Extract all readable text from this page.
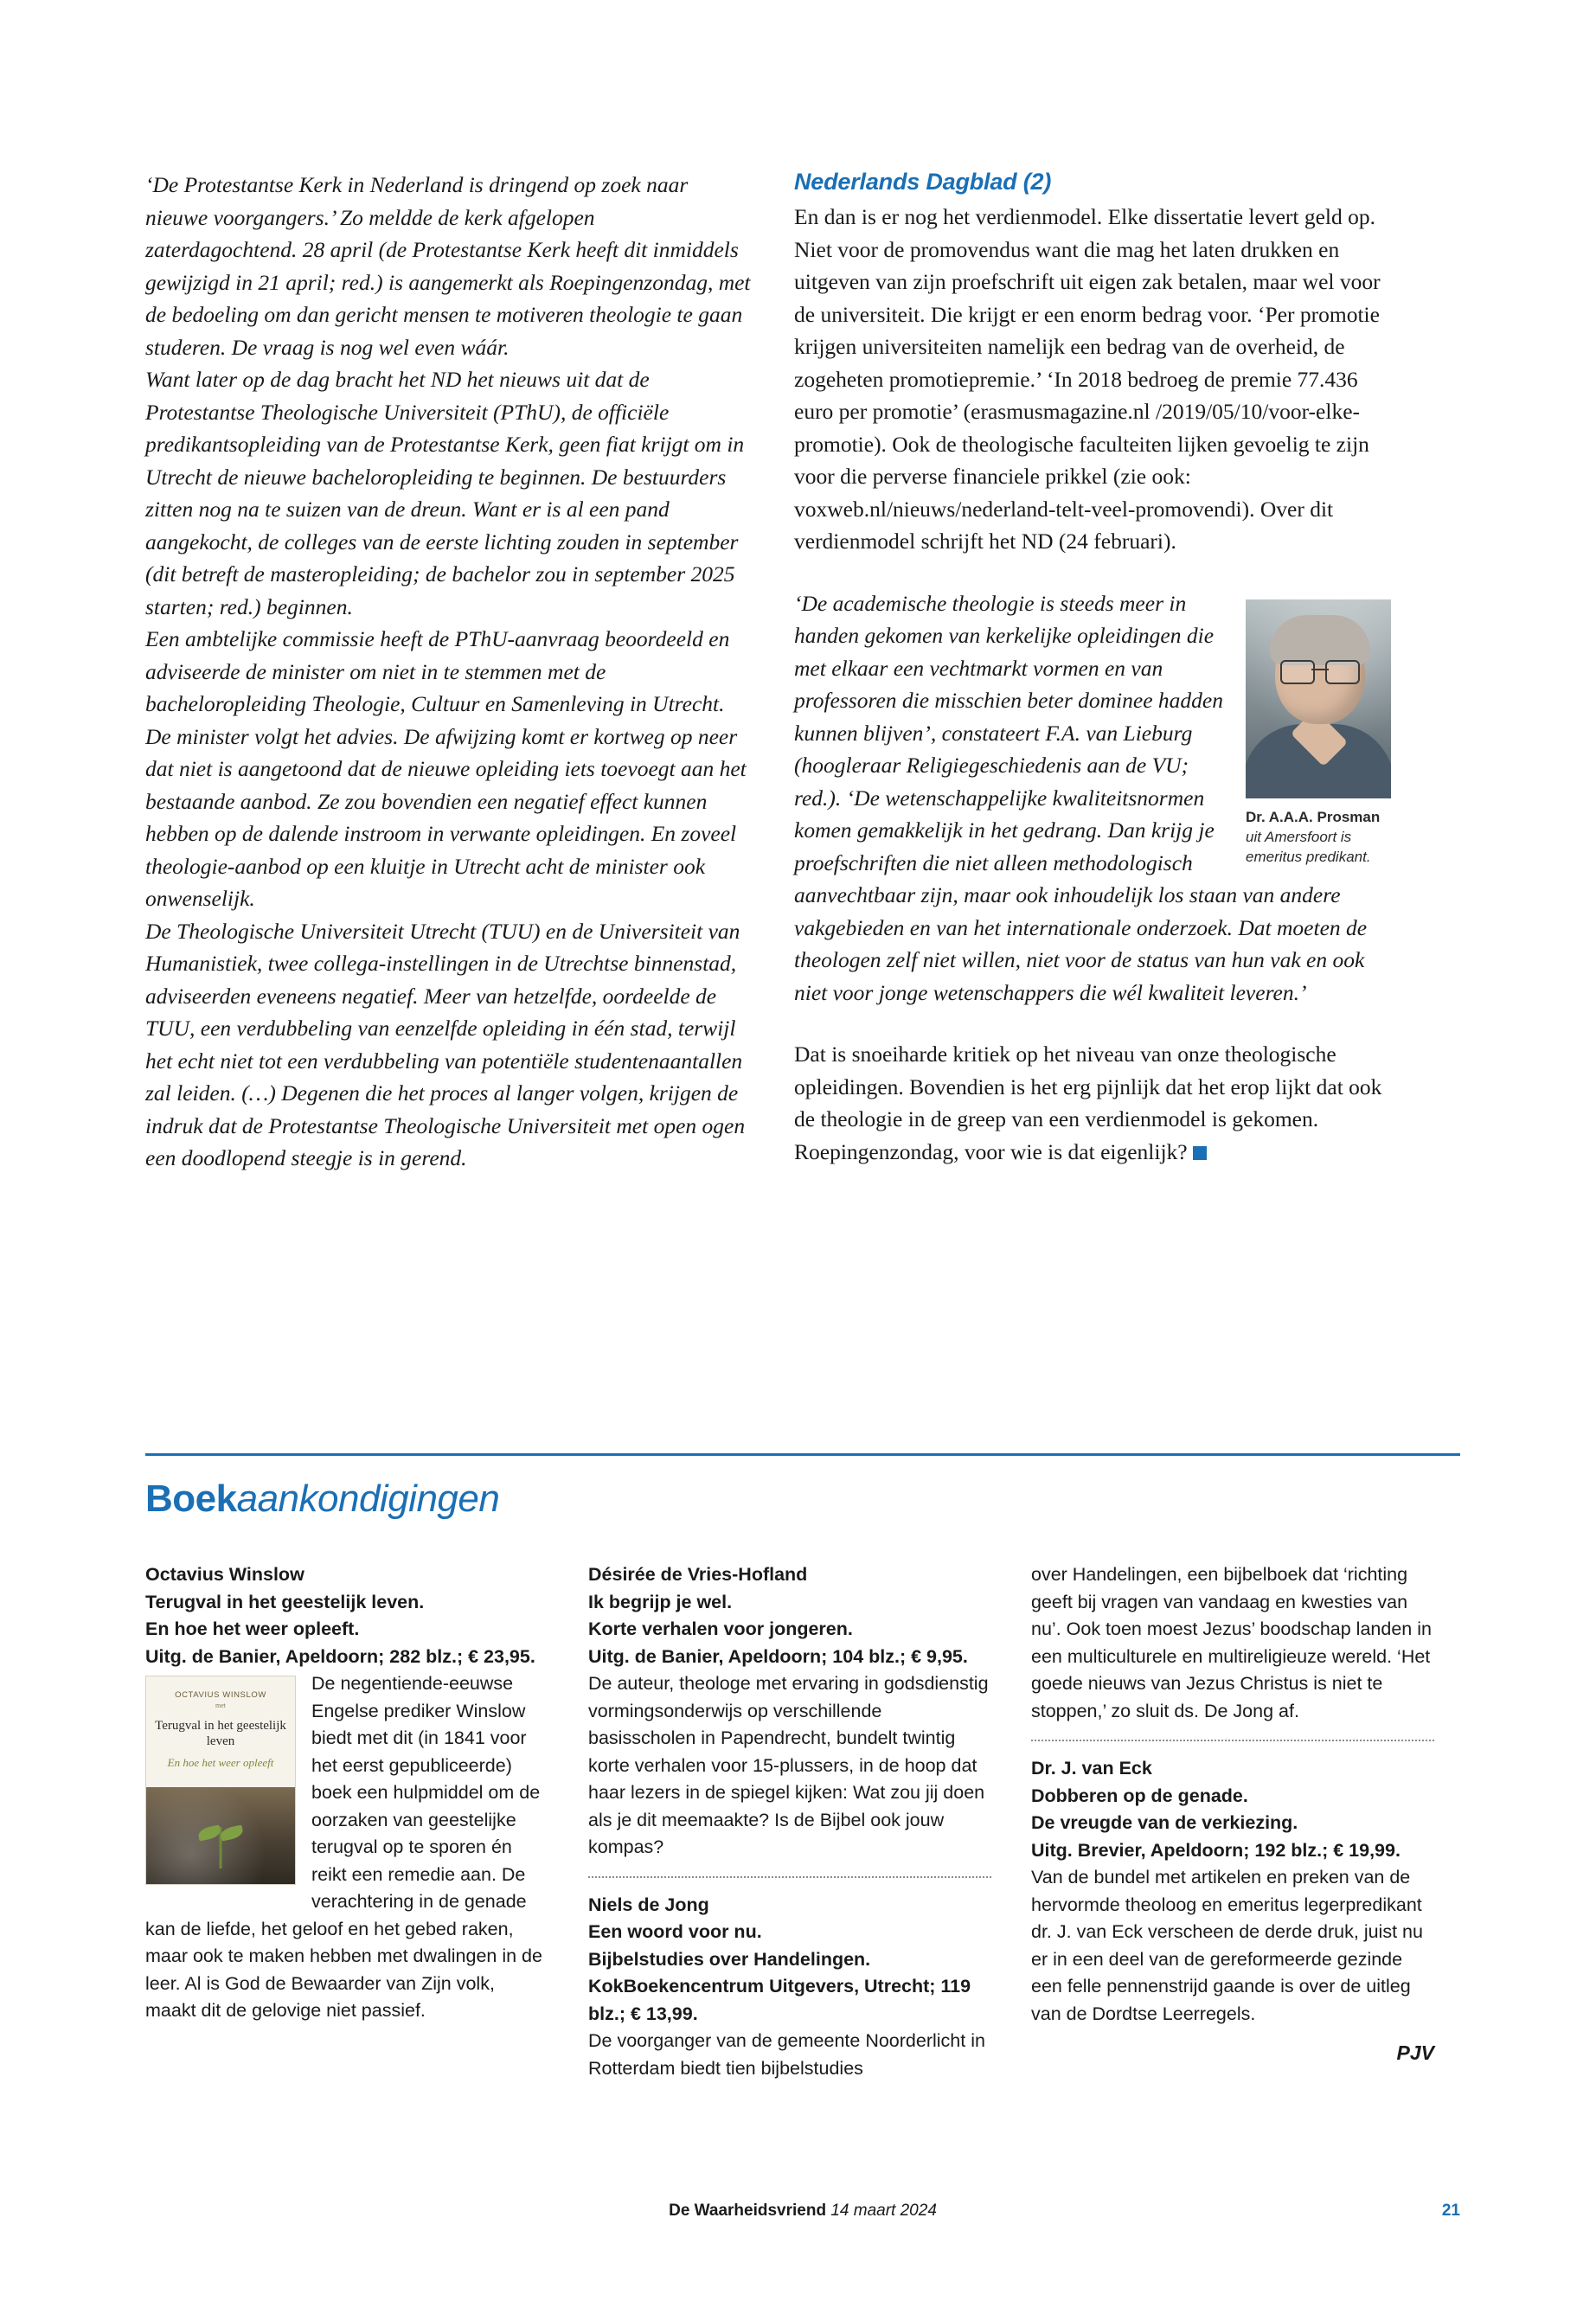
‘De Protestantse Kerk in Nederland is dringend op zoek naar nieuwe voorgangers.’ Zo meldde de kerk afgelopen zaterdagochtend. 28 april (de Protestantse Kerk heeft dit inmiddels gewijzigd in 21 april; red.) is aangemerkt als Roepingenzondag, met de bedoeling om dan gericht mensen te motiveren theologie te gaan studeren. De vraag is nog wel even wáár.

Want later op de dag bracht het ND het nieuws uit dat de Protestantse Theologische Universiteit (PThU), de officiële predikantsopleiding van de Protestantse Kerk, geen fiat krijgt om in Utrecht de nieuwe bacheloropleiding te beginnen. De bestuurders zitten nog na te suizen van de dreun. Want er is al een pand aangekocht, de colleges van de eerste lichting zouden in september (dit betreft de masteropleiding; de bachelor zou in september 2025 starten; red.) beginnen.

Een ambtelijke commissie heeft de PThU-aanvraag beoordeeld en adviseerde de minister om niet in te stemmen met de bacheloropleiding Theologie, Cultuur en Samenleving in Utrecht. De minister volgt het advies. De afwijzing komt er kortweg op neer dat niet is aangetoond dat de nieuwe opleiding iets toevoegt aan het bestaande aanbod. Ze zou bovendien een negatief effect kunnen hebben op de dalende instroom in verwante opleidingen. En zoveel theologie-aanbod op een kluitje in Utrecht acht de minister ook onwenselijk.

De Theologische Universiteit Utrecht (TUU) en de Universiteit van Humanistiek, twee collega-instellingen in de Utrechtse binnenstad, adviseerden eveneens negatief. Meer van hetzelfde, oordeelde de TUU, een verdubbeling van eenzelfde opleiding in één stad, terwijl het echt niet tot een verdubbeling van potentiële studentenaantallen zal leiden. (…) Degenen die het proces al langer volgen, krijgen de indruk dat de Protestantse Theologische Universiteit met open ogen een doodlopend steegje is in gerend.

Nederlands Dagblad (2)

En dan is er nog het verdienmodel. Elke dissertatie levert geld op. Niet voor de promovendus want die mag het laten drukken en uitgeven van zijn proefschrift uit eigen zak betalen, maar wel voor de universiteit. Die krijgt er een enorm bedrag voor. ‘Per promotie krijgen universiteiten namelijk een bedrag van de overheid, de zogeheten promotiepremie.’ ‘In 2018 bedroeg de premie 77.436 euro per promotie’ (erasmusmagazine.nl /2019/05/10/voor-elke-promotie). Ook de theologische faculteiten lijken gevoelig te zijn voor die perverse financiele prikkel (zie ook: voxweb.nl/nieuws/nederland-telt-veel-promovendi). Over dit verdienmodel schrijft het ND (24 februari).

Dr. A.A.A. Prosman uit Amersfoort is emeritus predikant.

‘De academische theologie is steeds meer in handen gekomen van kerkelijke opleidingen die met elkaar een vechtmarkt vormen en van professoren die misschien beter dominee hadden kunnen blijven’, constateert F.A. van Lieburg (hoogleraar Religiegeschiedenis aan de VU; red.). ‘De wetenschappelijke kwaliteitsnormen komen gemakkelijk in het gedrang. Dan krijg je proefschriften die niet alleen methodologisch aanvechtbaar zijn, maar ook inhoudelijk los staan van andere vakgebieden en van het internationale onderzoek. Dat moeten de theologen zelf niet willen, niet voor de status van hun vak en ook niet voor jonge wetenschappers die wél kwaliteit leveren.’

Dat is snoeiharde kritiek op het niveau van onze theologische opleidingen. Bovendien is het erg pijnlijk dat het erop lijkt dat ook de theologie in de greep van een verdienmodel is gekomen. Roepingenzondag, voor wie is dat eigenlijk?

Boekaankondigingen

Octavius Winslow

Terugval in het geestelijk leven.

En hoe het weer opleeft.

Uitg. de Banier, Apeldoorn; 282 blz.; € 23,95.

OCTAVIUS WINSLOW
met
Terugval in het geestelijk leven
En hoe het weer opleeft

De negentiende-eeuwse Engelse prediker Winslow biedt met dit (in 1841 voor het eerst gepubliceerde) boek een hulpmiddel om de oorzaken van geestelijke terugval op te sporen én reikt een remedie aan. De verachtering in de genade kan de liefde, het geloof en het gebed raken, maar ook te maken hebben met dwalingen in de leer. Al is God de Bewaarder van Zijn volk, maakt dit de gelovige niet passief.

Désirée de Vries-Hofland

Ik begrijp je wel.

Korte verhalen voor jongeren.

Uitg. de Banier, Apeldoorn; 104 blz.; € 9,95.

De auteur, theologe met ervaring in godsdienstig vormingsonderwijs op verschillende basisscholen in Papendrecht, bundelt twintig korte verhalen voor 15-plussers, in de hoop dat haar lezers in de spiegel kijken: Wat zou jij doen als je dit meemaakte? Is de Bijbel ook jouw kompas?

Niels de Jong

Een woord voor nu.

Bijbelstudies over Handelingen.

KokBoekencentrum Uitgevers, Utrecht; 119 blz.; € 13,99.

De voorganger van de gemeente Noorderlicht in Rotterdam biedt tien bijbelstudies

over Handelingen, een bijbelboek dat ‘richting geeft bij vragen van vandaag en kwesties van nu’. Ook toen moest Jezus’ boodschap landen in een multiculturele en multireligieuze wereld. ‘Het goede nieuws van Jezus Christus is niet te stoppen,’ zo sluit ds. De Jong af.

Dr. J. van Eck

Dobberen op de genade.

De vreugde van de verkiezing.

Uitg. Brevier, Apeldoorn; 192 blz.; € 19,99.

Van de bundel met artikelen en preken van de hervormde theoloog en emeritus legerpredikant dr. J. van Eck verscheen de derde druk, juist nu er in een deel van de gereformeerde gezinde een felle pennenstrijd gaande is over de uitleg van de Dordtse Leerregels.

PJV
De Waarheidsvriend 14 maart 2024	21
